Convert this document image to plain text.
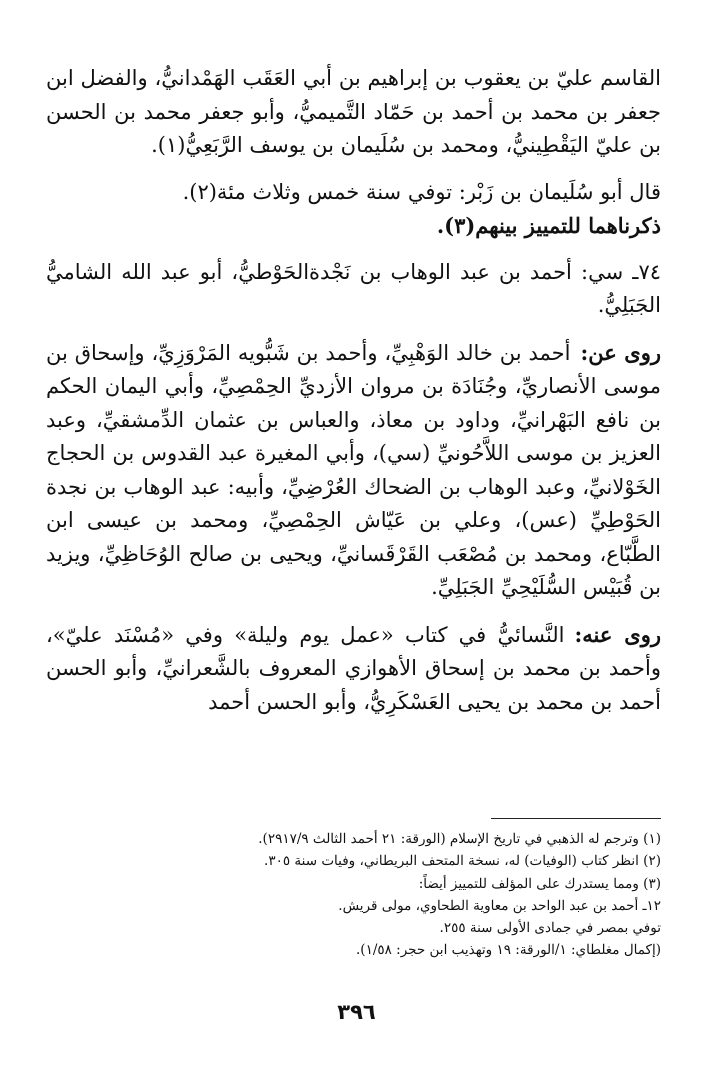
القاسم عليّ بن يعقوب بن إبراهيم بن أبي العَقَب الهَمْدانيُّ، والفضل ابن جعفر بن محمد بن أحمد بن حَمّاد التَّميميُّ، وأبو جعفر محمد بن الحسن بن عليّ اليَقْطِينيُّ، ومحمد بن سُلَيمان بن يوسف الرَّبَعِيُّ(١).

قال أبو سُلَيمان بن زَبْر: توفي سنة خمس وثلاث مئة(٢).

ذكرناهما للتمييز بينهم(٣).

٧٤ـ سي: أحمد بن عبد الوهاب بن نَجْدةالحَوْطيُّ، أبو عبد الله الشاميُّ الجَبَلِيُّ.

روى عن:أحمد بن خالد الوَهْبِيِّ، وأحمد بن شَبُّويه المَرْوَزِيِّ، وإسحاق بن موسى الأنصاريِّ، وجُنَادَة بن مروان الأزديِّ الحِمْصِيِّ، وأبي اليمان الحكم بن نافع البَهْرانيِّ، وداود بن معاذ، والعباس بن عثمان الدِّمشقيِّ، وعبد العزيز بن موسى اللاَّحُونيِّ (سي)، وأبي المغيرة عبد القدوس بن الحجاج الخَوْلانيِّ، وعبد الوهاب بن الضحاك العُرْضِيِّ، وأبيه: عبد الوهاب بن نجدة الحَوْطِيِّ (عس)، وعلي بن عَيّاش الحِمْصِيِّ، ومحمد بن عيسى ابن الطَّبّاع، ومحمد بن مُصْعَب القَرْقَسانيِّ، ويحيى بن صالح الوُحَاظِيِّ، ويزيد بن قُبَيْس السُّلَيْحِيِّ الجَبَلِيِّ.

روى عنه:النَّسائيُّ في كتاب «عمل يوم وليلة» وفي «مُسْنَد عليّ»، وأحمد بن محمد بن إسحاق الأهوازي المعروف بالشَّعرانيِّ، وأبو الحسن أحمد بن محمد بن يحيى العَسْكَرِيُّ، وأبو الحسن أحمد

(١) وترجم له الذهبي في تاريخ الإسلام (الورقة: ٢١ أحمد الثالث ٢٩١٧/٩).
(٢) انظر كتاب (الوفيات) له، نسخة المتحف البريطاني، وفيات سنة ٣٠٥.
(٣) ومما يستدرك على المؤلف للتمييز أيضاً:
١٢ـ أحمد بن عبد الواحد بن معاوية الطحاوي، مولى قريش.
توفي بمصر في جمادى الأولى سنة ٢٥٥.
(إكمال مغلطاي: ١/الورقة: ١٩ وتهذيب ابن حجر: ١/٥٨).
٣٩٦
